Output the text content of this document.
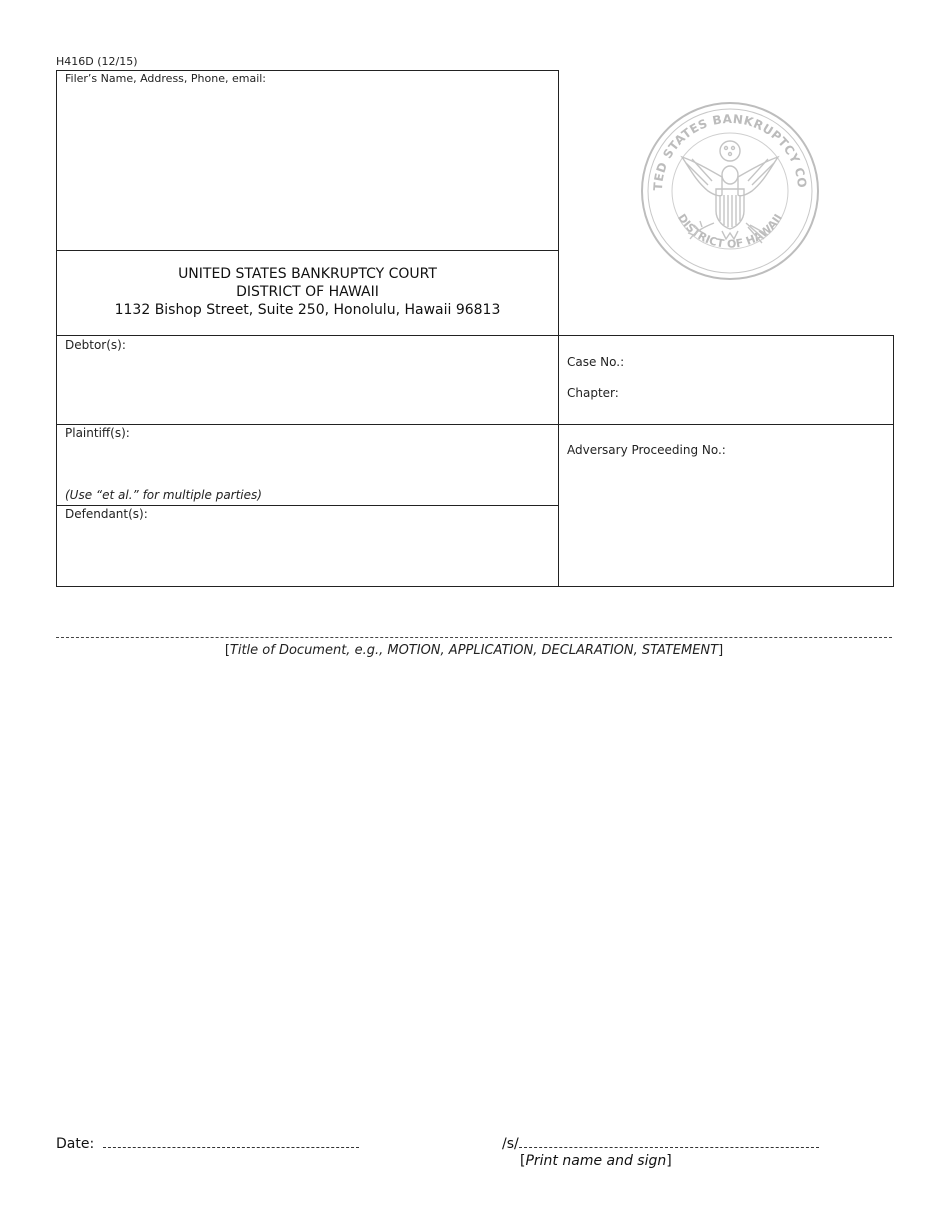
H416D (12/15)
Filer’s Name, Address, Phone, email:
UNITED STATES BANKRUPTCY COURT
DISTRICT OF HAWAII
1132 Bishop Street, Suite 250, Honolulu, Hawaii 96813
TED STATES BANKRUPTCY CO
DISTRICT OF HAWAII
Debtor(s):
Case No.:
Chapter:
Plaintiff(s):
(Use “et al.” for multiple parties)
Defendant(s):
Adversary Proceeding No.:
[Title of Document, e.g., MOTION, APPLICATION, DECLARATION, STATEMENT]
Date:	/s/
[Print name and sign]
